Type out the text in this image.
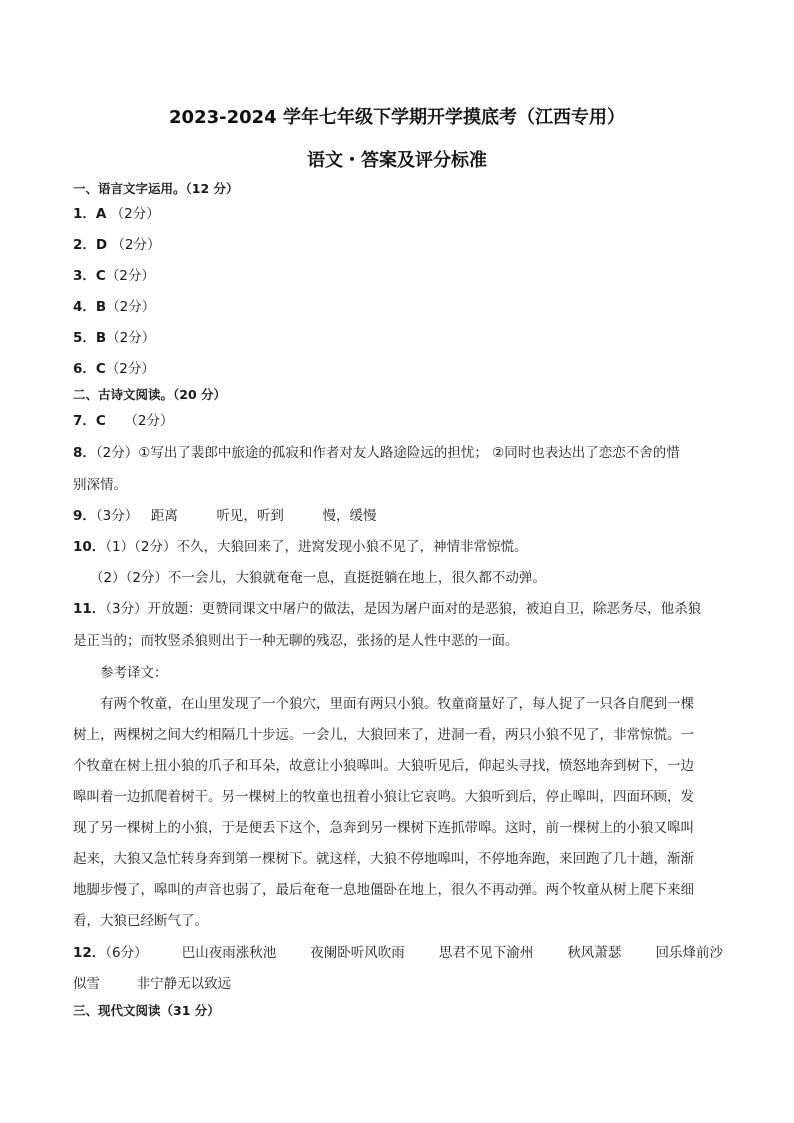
2023-2024 学年七年级下学期开学摸底考（江西专用）
语文・答案及评分标准
一、语言文字运用。（12 分）
1．A （2分）
2．D （2分）
3．C（2分）
4．B（2分）
5．B（2分）
6．C（2分）
二、古诗文阅读。（20 分）
7．C （2分）
8．（2分）①写出了裴郎中旅途的孤寂和作者对友人路途险远的担忧； ②同时也表达出了恋恋不舍的惜
别深情。
9．（3分） 距离	听见，听到	慢，缓慢
10．（1）（2分）不久，大狼回来了，进窝发现小狼不见了，神情非常惊慌。
（2）（2分）不一会儿，大狼就奄奄一息，直挺挺躺在地上，很久都不动弹。
11．（3分）开放题：更赞同课文中屠户的做法，是因为屠户面对的是恶狼，被迫自卫，除恶务尽，他杀狼
是正当的；而牧竖杀狼则出于一种无聊的残忍，张扬的是人性中恶的一面。
参考译文：
有两个牧童，在山里发现了一个狼穴，里面有两只小狼。牧童商量好了，每人捉了一只各自爬到一棵
树上，两棵树之间大约相隔几十步远。一会儿，大狼回来了，进洞一看，两只小狼不见了，非常惊慌。一
个牧童在树上扭小狼的爪子和耳朵，故意让小狼嗥叫。大狼听见后，仰起头寻找，愤怒地奔到树下，一边
嗥叫着一边抓爬着树干。另一棵树上的牧童也扭着小狼让它哀鸣。大狼听到后，停止嗥叫，四面环顾，发
现了另一棵树上的小狼，于是便丢下这个，急奔到另一棵树下连抓带嗥。这时，前一棵树上的小狼又嗥叫
起来，大狼又急忙转身奔到第一棵树下。就这样，大狼不停地嗥叫，不停地奔跑，来回跑了几十趟，渐渐
地脚步慢了，嗥叫的声音也弱了，最后奄奄一息地僵卧在地上，很久不再动弹。两个牧童从树上爬下来细
看，大狼已经断气了。
12．（6分）	巴山夜雨涨秋池	夜阑卧听风吹雨	思君不见下渝州	秋风萧瑟	回乐烽前沙
似雪	非宁静无以致远
三、现代文阅读（31 分）
